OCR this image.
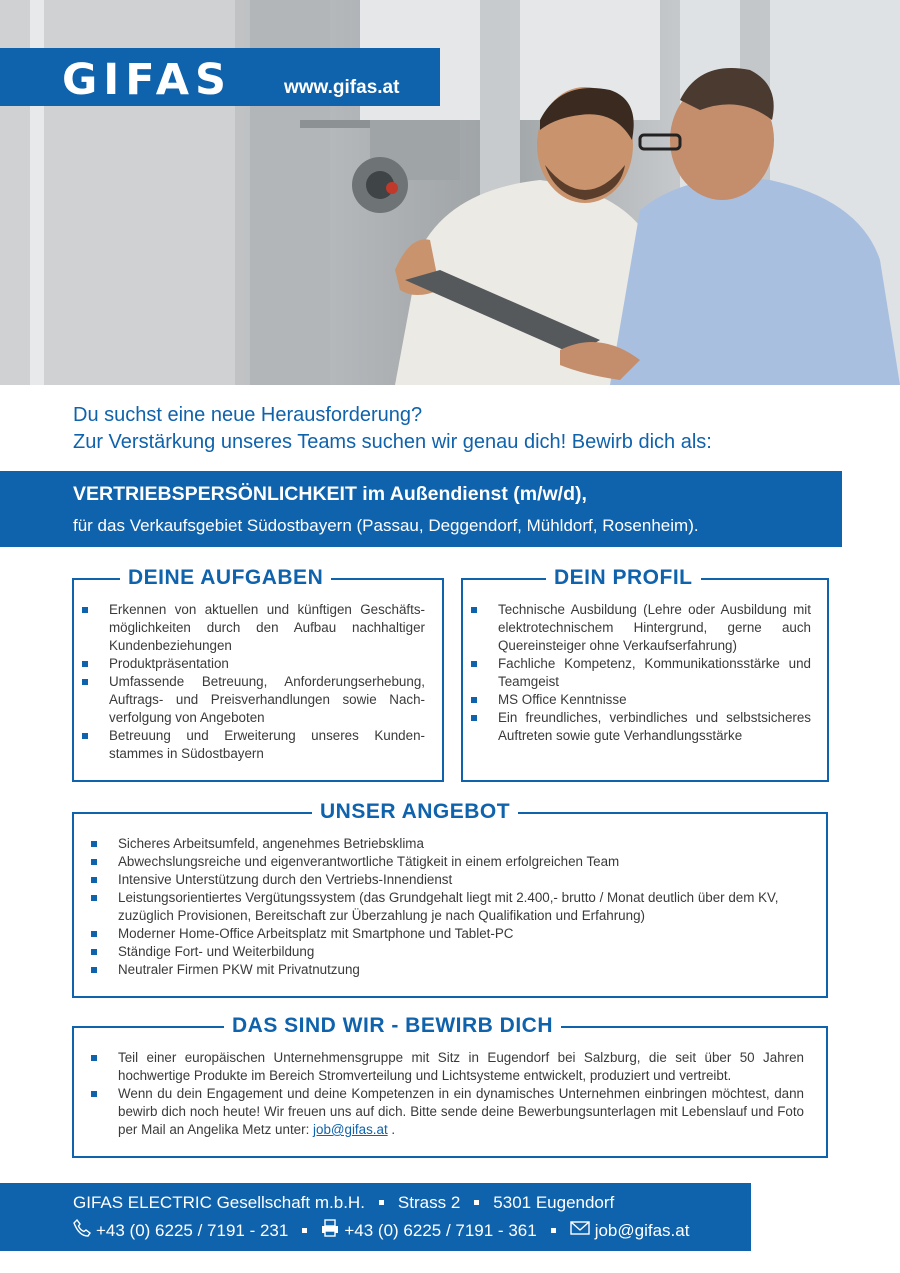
GIFAS	www.gifas.at
Du suchst eine neue Herausforderung?
Zur Verstärkung unseres Teams suchen wir genau dich! Bewirb dich als:
VERTRIEBSPERSÖNLICHKEIT im Außendienst (m/w/d),
für das Verkaufsgebiet Südostbayern (Passau, Deggendorf, Mühldorf, Rosenheim).
DEINE AUFGABEN
Erkennen von aktuellen und künftigen Geschäftsmöglichkeiten durch den Aufbau nachhaltiger Kundenbeziehungen
Produktpräsentation
Umfassende Betreuung, Anforderungserhebung, Auftrags- und Preisverhandlungen sowie Nachverfolgung von Angeboten
Betreuung und Erweiterung unseres Kundenstammes in Südostbayern
DEIN PROFIL
Technische Ausbildung (Lehre oder Ausbildung mit elektrotechnischem Hintergrund, gerne auch Quereinsteiger ohne Verkaufserfahrung)
Fachliche Kompetenz, Kommunikationsstärke und Teamgeist
MS Office Kenntnisse
Ein freundliches, verbindliches und selbstsicheres Auftreten sowie gute Verhandlungsstärke
UNSER ANGEBOT
Sicheres Arbeitsumfeld, angenehmes Betriebsklima
Abwechslungsreiche und eigenverantwortliche Tätigkeit in einem erfolgreichen Team
Intensive Unterstützung durch den Vertriebs-Innendienst
Leistungsorientiertes Vergütungssystem (das Grundgehalt liegt mit 2.400,- brutto / Monat deutlich über dem KV, zuzüglich Provisionen, Bereitschaft zur Überzahlung je nach Qualifikation und Erfahrung)
Moderner Home-Office Arbeitsplatz mit Smartphone und Tablet-PC
Ständige Fort- und Weiterbildung
Neutraler Firmen PKW mit Privatnutzung
DAS SIND WIR - BEWIRB DICH
Teil einer europäischen Unternehmensgruppe mit Sitz in Eugendorf bei Salzburg, die seit über 50 Jahren hochwertige Produkte im Bereich Stromverteilung und Lichtsysteme entwickelt, produziert und vertreibt.
Wenn du dein Engagement und deine Kompetenzen in ein dynamisches Unternehmen einbringen möchtest, dann bewirb dich noch heute! Wir freuen uns auf dich. Bitte sende deine Bewerbungsunterlagen mit Lebenslauf und Foto per Mail an Angelika Metz unter: job@gifas.at .
GIFAS ELECTRIC Gesellschaft m.b.H. Strass 2 5301 Eugendorf
+43 (0) 6225 / 7191 - 231	+43 (0) 6225 / 7191 - 361	job@gifas.at
